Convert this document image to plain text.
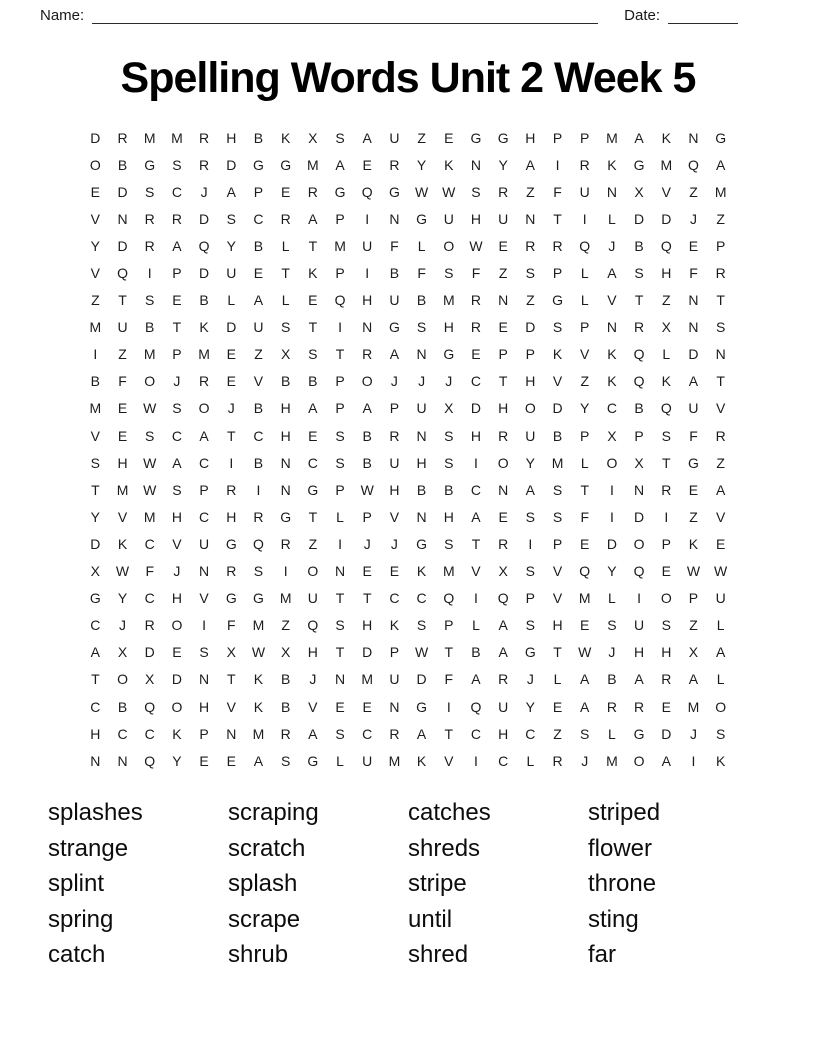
Name:	Date:
Spelling Words Unit 2 Week 5
D	R	M	M	R	H	B	K	X	S	A	U	Z	E	G	G	H	P	P	M	A	K	N	G
O	B	G	S	R	D	G	G	M	A	E	R	Y	K	N	Y	A	I	R	K	G	M	Q	A
E	D	S	C	J	A	P	E	R	G	Q	G	W W	S	R	Z	F	U	N	X	V	Z	M
V	N	R	R	D	S	C	R	A	P	I	N	G	U	H	U	N	T	I	L	D	D	J	Z
Y	D	R	A	Q	Y	B	L	T	M	U	F	L	O	W	E	R	R	Q	J	B	Q	E	P
V	Q	I	P	D	U	E	T	K	P	I	B	F	S	F	Z	S	P	L	A	S	H	F	R
Z	T	S	E	B	L	A	L	E	Q	H	U	B	M	R	N	Z	G	L	V	T	Z	N	T
M	U	B	T	K	D	U	S	T	I	N	G	S	H	R	E	D	S	P	N	R	X	N	S
I	Z	M	P	M	E	Z	X	S	T	R	A	N	G	E	P	P	K	V	K	Q	L	D	N
B	F	O	J	R	E	V	B	B	P	O	J	J	J	C	T	H	V	Z	K	Q	K	A	T
M	E	W	S	O	J	B	H	A	P	A	P	U	X	D	H	O	D	Y	C	B	Q	U	V
V	E	S	C	A	T	C	H	E	S	B	R	N	S	H	R	U	B	P	X	P	S	F	R
S	H	W	A	C	I	B	N	C	S	B	U	H	S	I	O	Y	M	L	O	X	T	G	Z
T	M	W	S	P	R	I	N	G	P	W	H	B	B	C	N	A	S	T	I	N	R	E	A
Y	V	M	H	C	H	R	G	T	L	P	V	N	H	A	E	S	S	F	I	D	I	Z	V
D	K	C	V	U	G	Q	R	Z	I	J	J	G	S	T	R	I	P	E	D	O	P	K	E
X	W	F	J	N	R	S	I	O	N	E	E	K	M	V	X	S	V	Q	Y	Q	E	W W
G	Y	C	H	V	G	G	M	U	T	T	C	C	Q	I	Q	P	V	M	L	I	O	P	U
C	J	R	O	I	F	M	Z	Q	S	H	K	S	P	L	A	S	H	E	S	U	S	Z	L
A	X	D	E	S	X	W	X	H	T	D	P	W	T	B	A	G	T	W	J	H	H	X	A
T	O	X	D	N	T	K	B	J	N	M	U	D	F	A	R	J	L	A	B	A	R	A	L
C	B	Q	O	H	V	K	B	V	E	E	N	G	I	Q	U	Y	E	A	R	R	E	M	O
H	C	C	K	P	N	M	R	A	S	C	R	A	T	C	H	C	Z	S	L	G	D	J	S
N	N	Q	Y	E	E	A	S	G	L	U	M	K	V	I	C	L	R	J	M	O	A	I	K
splashes
strange
splint
spring
catch
scraping
scratch
splash
scrape
shrub
catches
shreds
stripe
until
shred
striped
flower
throne
sting
far
